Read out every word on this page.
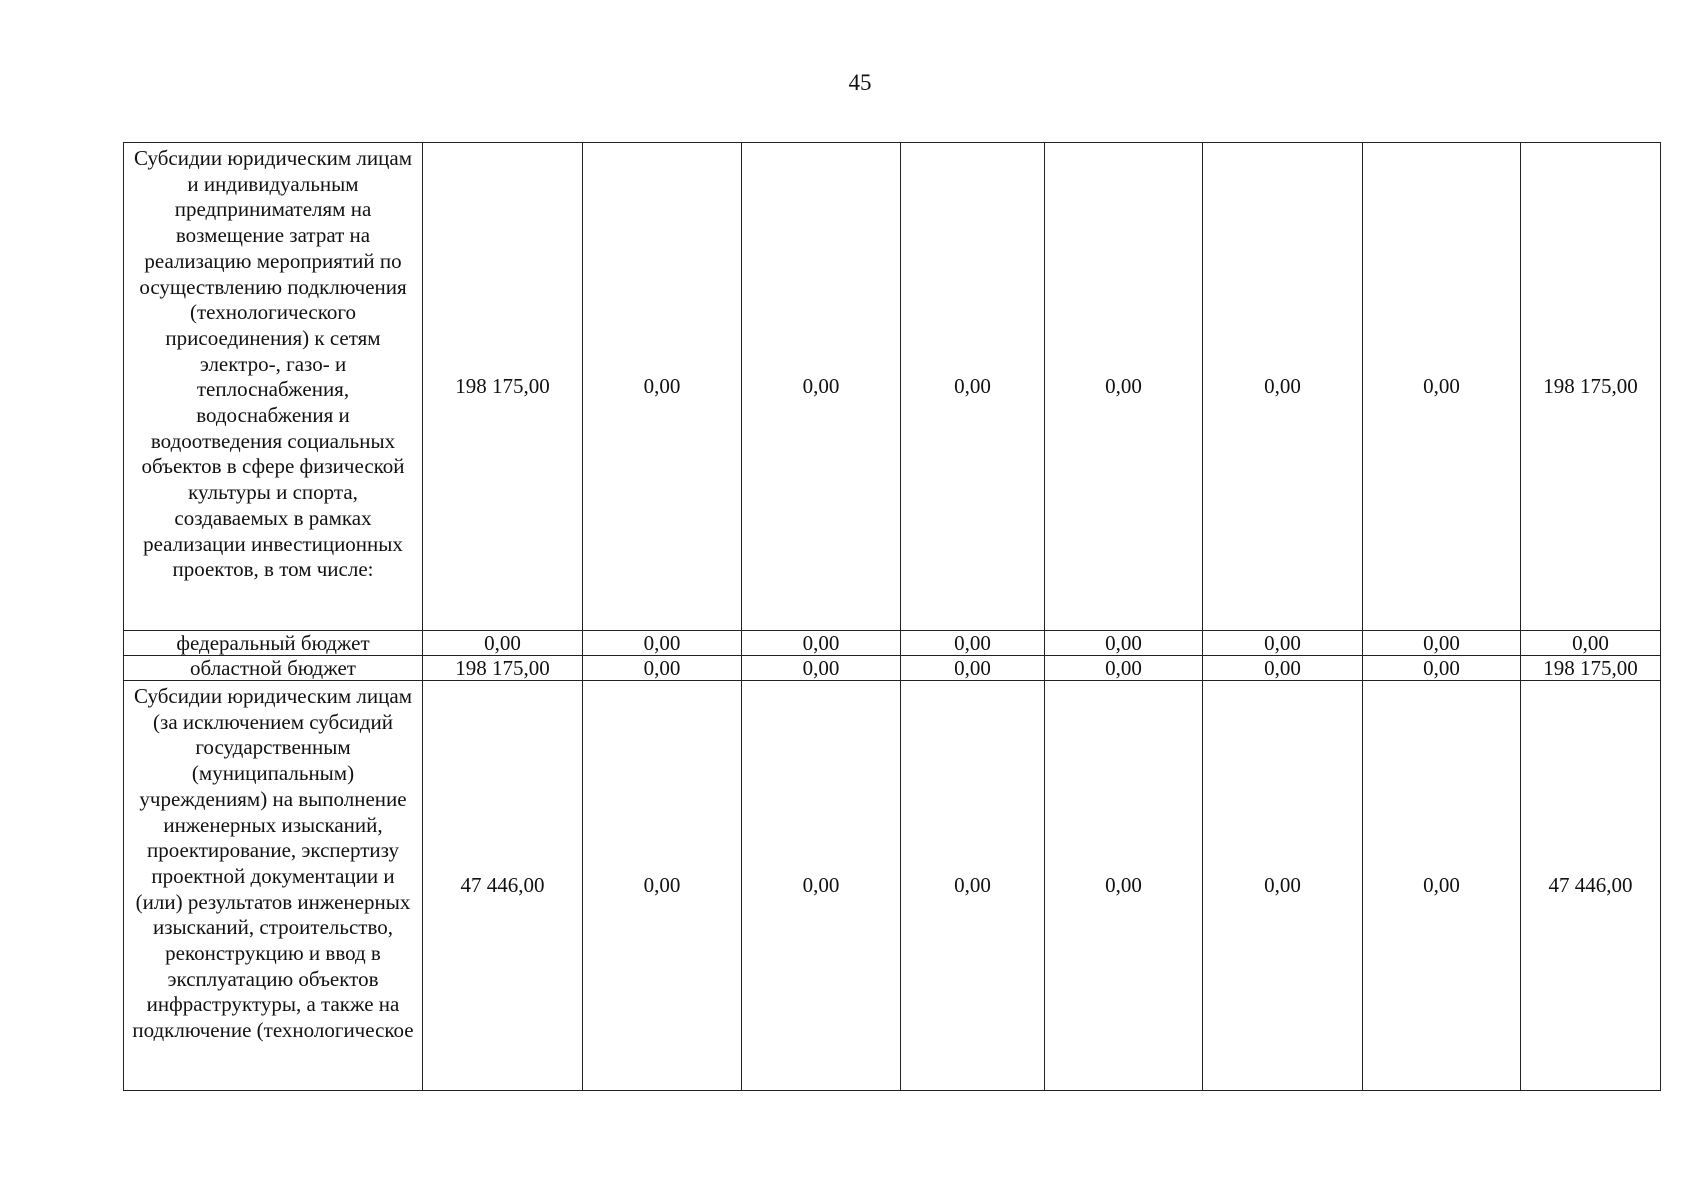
45
Субсидии юридическим лицам и индивидуальным предпринимателям на возмещение затрат на реализацию мероприятий по осуществлению подключения (технологического присоединения) к сетям электро-, газо- и теплоснабжения, водоснабжения и водоотведения социальных объектов в сфере физической культуры и спорта, создаваемых в рамках реализации инвестиционных проектов, в том числе:	198 175,00	0,00	0,00	0,00	0,00	0,00	0,00	198 175,00
федеральный бюджет	0,00	0,00	0,00	0,00	0,00	0,00	0,00	0,00
областной бюджет	198 175,00	0,00	0,00	0,00	0,00	0,00	0,00	198 175,00
Субсидии юридическим лицам (за исключением субсидий государственным (муниципальным) учреждениям) на выполнение инженерных изысканий, проектирование, экспертизу проектной документации и (или) результатов инженерных изысканий, строительство, реконструкцию и ввод в эксплуатацию объектов инфраструктуры, а также на подключение (технологическое	47 446,00	0,00	0,00	0,00	0,00	0,00	0,00	47 446,00
